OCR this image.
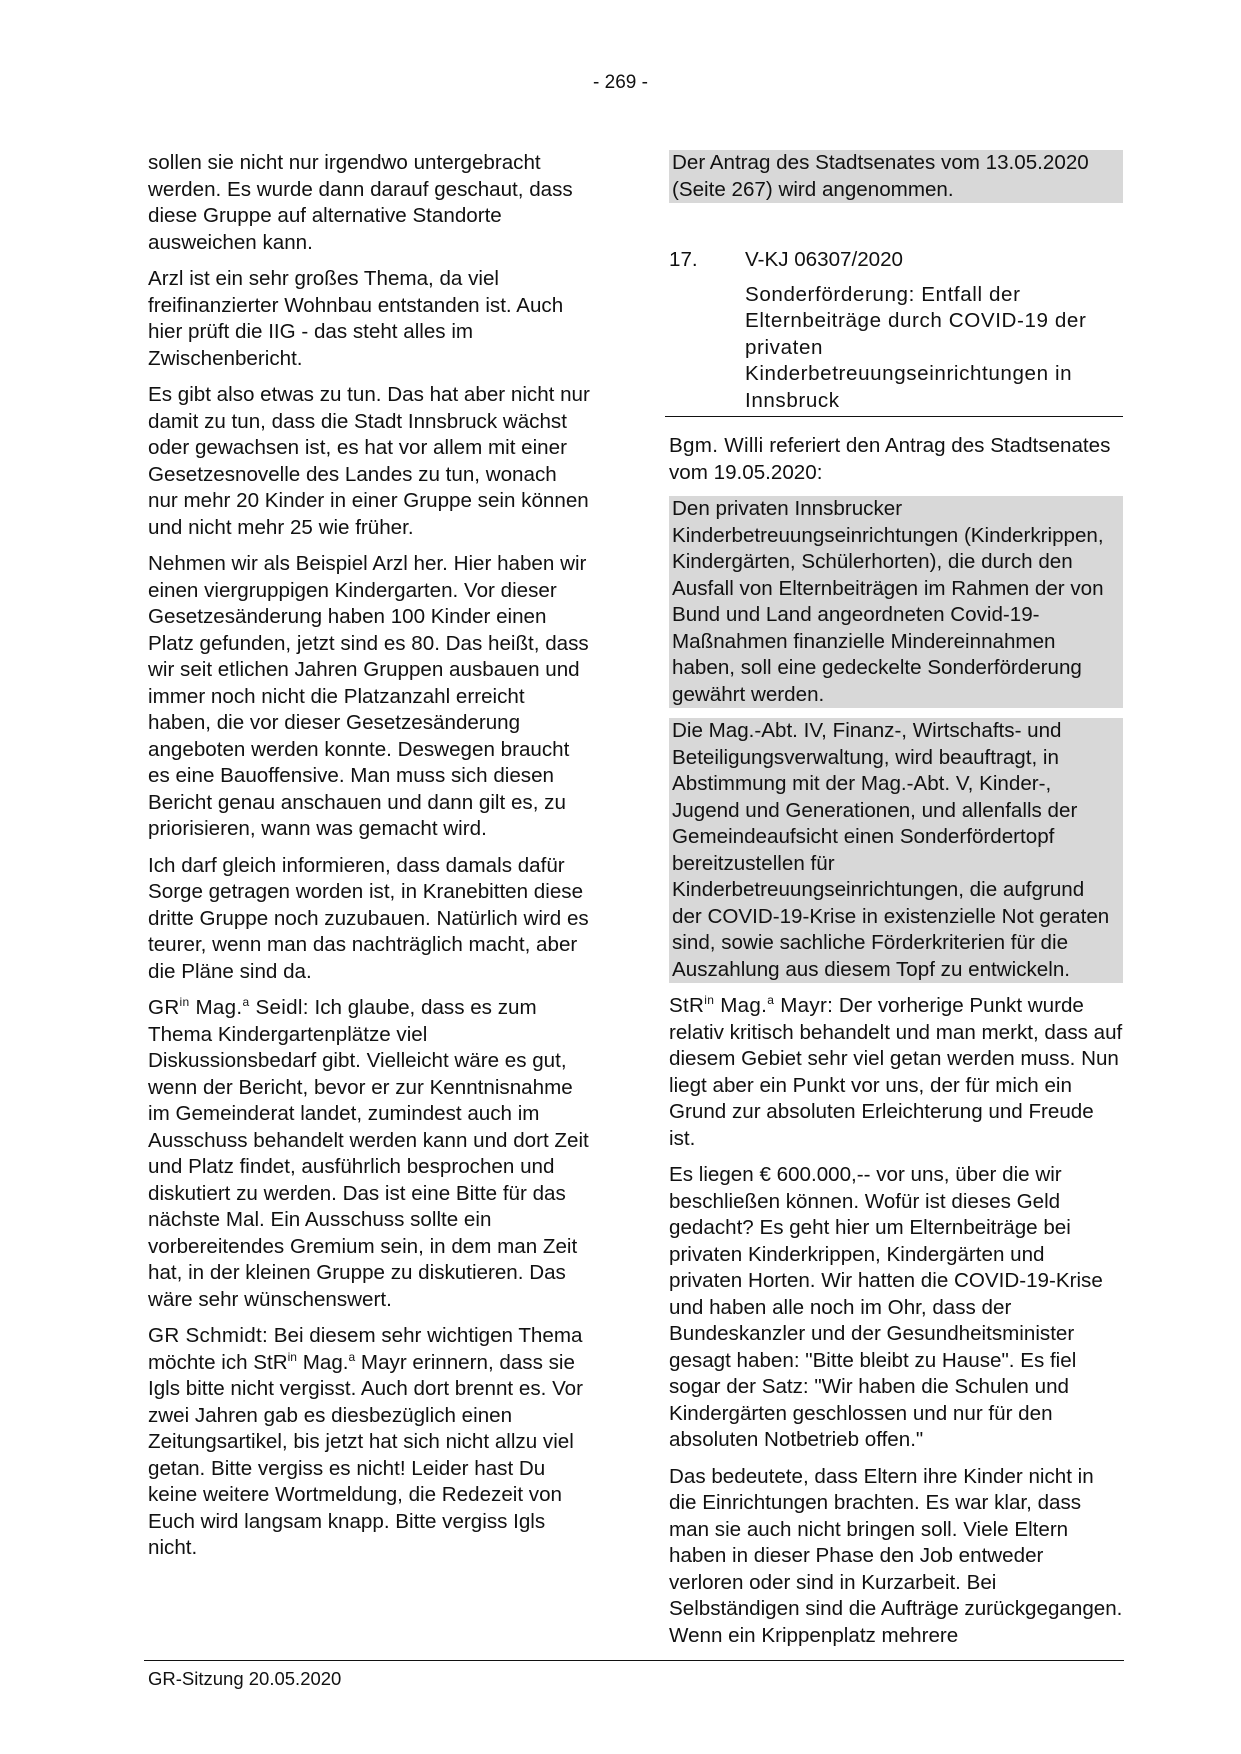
- 269 -

sollen sie nicht nur irgendwo untergebracht werden. Es wurde dann darauf geschaut, dass diese Gruppe auf alternative Standorte ausweichen kann.

Arzl ist ein sehr großes Thema, da viel freifinanzierter Wohnbau entstanden ist. Auch hier prüft die IIG - das steht alles im Zwischenbericht.

Es gibt also etwas zu tun. Das hat aber nicht nur damit zu tun, dass die Stadt Innsbruck wächst oder gewachsen ist, es hat vor allem mit einer Gesetzesnovelle des Landes zu tun, wonach nur mehr 20 Kinder in einer Gruppe sein können und nicht mehr 25 wie früher.

Nehmen wir als Beispiel Arzl her. Hier haben wir einen viergruppigen Kindergarten. Vor dieser Gesetzesänderung haben 100 Kinder einen Platz gefunden, jetzt sind es 80. Das heißt, dass wir seit etlichen Jahren Gruppen ausbauen und immer noch nicht die Platzanzahl erreicht haben, die vor dieser Gesetzesänderung angeboten werden konnte. Deswegen braucht es eine Bauoffensive. Man muss sich diesen Bericht genau anschauen und dann gilt es, zu priorisieren, wann was gemacht wird.

Ich darf gleich informieren, dass damals dafür Sorge getragen worden ist, in Kranebitten diese dritte Gruppe noch zuzubauen. Natürlich wird es teurer, wenn man das nachträglich macht, aber die Pläne sind da.

$GR^{in}$ Mag.$^a$ Seidl: Ich glaube, dass es zum Thema Kindergartenplätze viel Diskussionsbedarf gibt. Vielleicht wäre es gut, wenn der Bericht, bevor er zur Kenntnisnahme im Gemeinderat landet, zumindest auch im Ausschuss behandelt werden kann und dort Zeit und Platz findet, ausführlich besprochen und diskutiert zu werden. Das ist eine Bitte für das nächste Mal. Ein Ausschuss sollte ein vorbereitendes Gremium sein, in dem man Zeit hat, in der kleinen Gruppe zu diskutieren. Das wäre sehr wünschenswert.

GR Schmidt: Bei diesem sehr wichtigen Thema möchte ich StR$^{in}$ Mag.$^a$ Mayr erinnern, dass sie Igls bitte nicht vergisst. Auch dort brennt es. Vor zwei Jahren gab es diesbezüglich einen Zeitungsartikel, bis jetzt hat sich nicht allzu viel getan. Bitte vergiss es nicht! Leider hast Du keine weitere Wortmeldung, die Redezeit von Euch wird langsam knapp. Bitte vergiss Igls nicht.

Der Antrag des Stadtsenates vom 13.05.2020 (Seite 267) wird angenommen.
17.	V-KJ 06307/2020
Sonderförderung: Entfall der Elternbeiträge durch COVID-19 der privaten Kinderbetreuungseinrichtungen in Innsbruck

Bgm. Willi referiert den Antrag des Stadtsenates vom 19.05.2020:

Den privaten Innsbrucker Kinderbetreuungseinrichtungen (Kinderkrippen, Kindergärten, Schülerhorten), die durch den Ausfall von Elternbeiträgen im Rahmen der von Bund und Land angeordneten Covid-19-Maßnahmen finanzielle Mindereinnahmen haben, soll eine gedeckelte Sonderförderung gewährt werden.
Die Mag.-Abt. IV, Finanz-, Wirtschafts- und Beteiligungsverwaltung, wird beauftragt, in Abstimmung mit der Mag.-Abt. V, Kinder-, Jugend und Generationen, und allenfalls der Gemeindeaufsicht einen Sonderfördertopf bereitzustellen für Kinderbetreuungseinrichtungen, die aufgrund der COVID-19-Krise in existenzielle Not geraten sind, sowie sachliche Förderkriterien für die Auszahlung aus diesem Topf zu entwickeln.

StR$^{in}$ Mag.$^a$ Mayr: Der vorherige Punkt wurde relativ kritisch behandelt und man merkt, dass auf diesem Gebiet sehr viel getan werden muss. Nun liegt aber ein Punkt vor uns, der für mich ein Grund zur absoluten Erleichterung und Freude ist.

Es liegen € 600.000,-- vor uns, über die wir beschließen können. Wofür ist dieses Geld gedacht? Es geht hier um Elternbeiträge bei privaten Kinderkrippen, Kindergärten und privaten Horten. Wir hatten die COVID-19-Krise und haben alle noch im Ohr, dass der Bundeskanzler und der Gesundheitsminister gesagt haben: "Bitte bleibt zu Hause". Es fiel sogar der Satz: "Wir haben die Schulen und Kindergärten geschlossen und nur für den absoluten Notbetrieb offen."

Das bedeutete, dass Eltern ihre Kinder nicht in die Einrichtungen brachten. Es war klar, dass man sie auch nicht bringen soll. Viele Eltern haben in dieser Phase den Job entweder verloren oder sind in Kurzarbeit. Bei Selbständigen sind die Aufträge zurückgegangen. Wenn ein Krippenplatz mehrere

GR-Sitzung 20.05.2020
